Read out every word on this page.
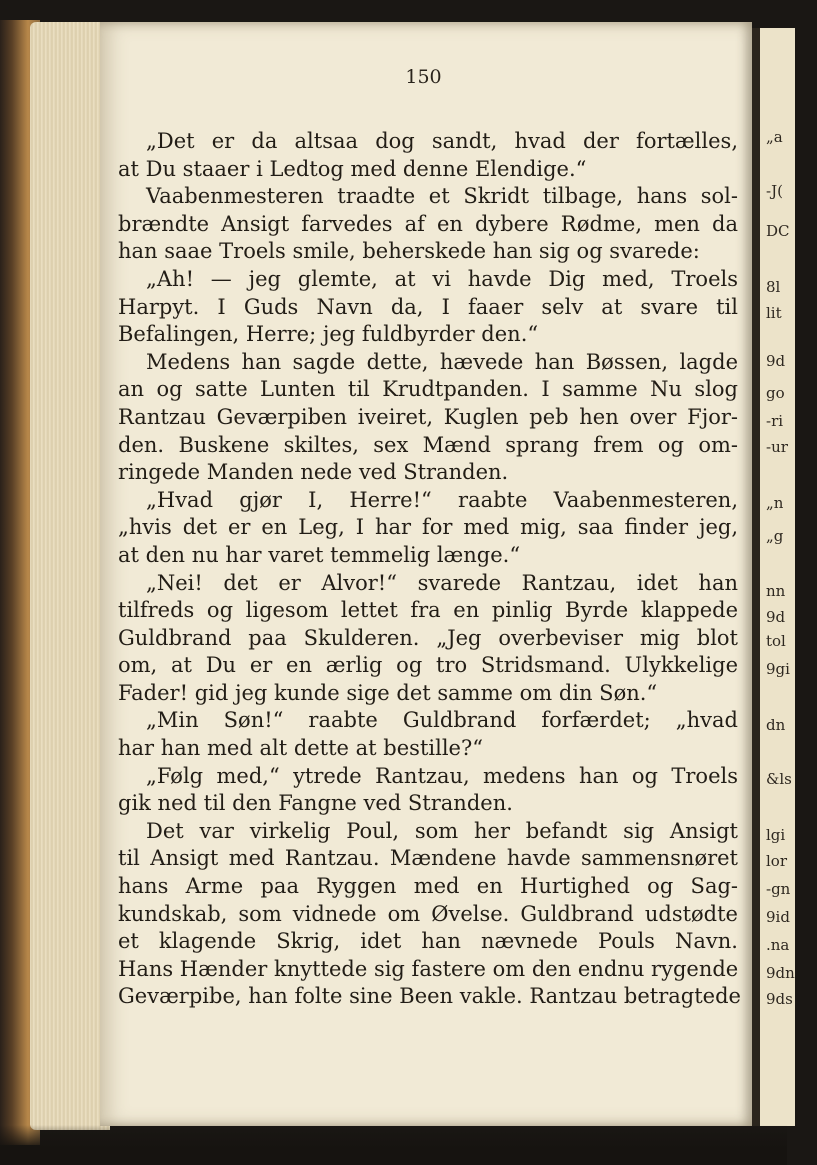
150
„Det er da altsaa dog sandt, hvad der fortælles,
at Du staaer i Ledtog med denne Elendige.“
Vaabenmesteren traadte et Skridt tilbage, hans sol-
brændte Ansigt farvedes af en dybere Rødme, men da
han saae Troels smile, beherskede han sig og svarede:
„Ah! — jeg glemte, at vi havde Dig med, Troels
Harpyt. I Guds Navn da, I faaer selv at svare til
Befalingen, Herre; jeg fuldbyrder den.“
Medens han sagde dette, hævede han Bøssen, lagde
an og satte Lunten til Krudtpanden. I samme Nu slog
Rantzau Geværpiben iveiret, Kuglen peb hen over Fjor-
den. Buskene skiltes, sex Mænd sprang frem og om-
ringede Manden nede ved Stranden.
„Hvad gjør I, Herre!“ raabte Vaabenmesteren,
„hvis det er en Leg, I har for med mig, saa finder jeg,
at den nu har varet temmelig længe.“
„Nei! det er Alvor!“ svarede Rantzau, idet han
tilfreds og ligesom lettet fra en pinlig Byrde klappede
Guldbrand paa Skulderen. „Jeg overbeviser mig blot
om, at Du er en ærlig og tro Stridsmand. Ulykkelige
Fader! gid jeg kunde sige det samme om din Søn.“
„Min Søn!“ raabte Guldbrand forfærdet; „hvad
har han med alt dette at bestille?“
„Følg med,“ ytrede Rantzau, medens han og Troels
gik ned til den Fangne ved Stranden.
Det var virkelig Poul, som her befandt sig Ansigt
til Ansigt med Rantzau. Mændene havde sammensnøret
hans Arme paa Ryggen med en Hurtighed og Sag-
kundskab, som vidnede om Øvelse. Guldbrand udstødte
et klagende Skrig, idet han nævnede Pouls Navn.
Hans Hænder knyttede sig fastere om den endnu rygende
Geværpibe, han folte sine Been vakle. Rantzau betragtede
„a
-J(
DC
8l
lit
9d
go
-ri
-ur
„n
„g
nn
9d
tol
9gi
dn
&ls
lgi
lor
-gn
9id
.na
9dn
9ds
